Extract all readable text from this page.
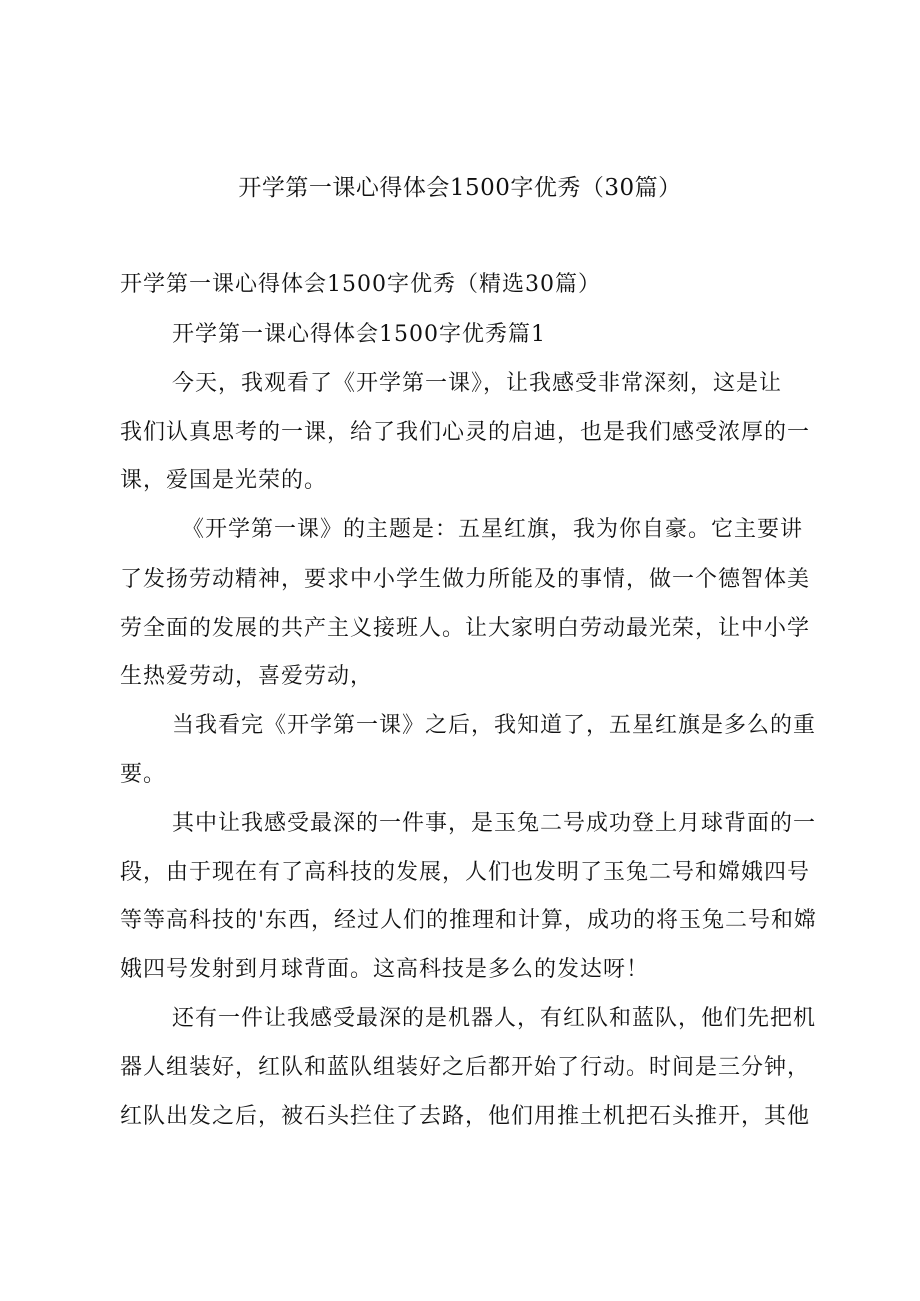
开学第一课心得体会1500字优秀（30篇）
开学第一课心得体会1500字优秀（精选30篇）
开学第一课心得体会1500字优秀篇1
今天，我观看了《开学第一课》，让我感受非常深刻，这是让
我们认真思考的一课，给了我们心灵的启迪，也是我们感受浓厚的一
课，爱国是光荣的。
《开学第一课》的主题是：五星红旗，我为你自豪。它主要讲
了发扬劳动精神，要求中小学生做力所能及的事情，做一个德智体美
劳全面的发展的共产主义接班人。让大家明白劳动最光荣，让中小学
生热爱劳动，喜爱劳动，
当我看完《开学第一课》之后，我知道了，五星红旗是多么的重
要。
其中让我感受最深的一件事，是玉兔二号成功登上月球背面的一
段，由于现在有了高科技的发展，人们也发明了玉兔二号和嫦娥四号
等等高科技的'东西，经过人们的推理和计算，成功的将玉兔二号和嫦
娥四号发射到月球背面。这高科技是多么的发达呀！
还有一件让我感受最深的是机器人，有红队和蓝队，他们先把机
器人组装好，红队和蓝队组装好之后都开始了行动。时间是三分钟，
红队出发之后，被石头拦住了去路，他们用推土机把石头推开，其他
